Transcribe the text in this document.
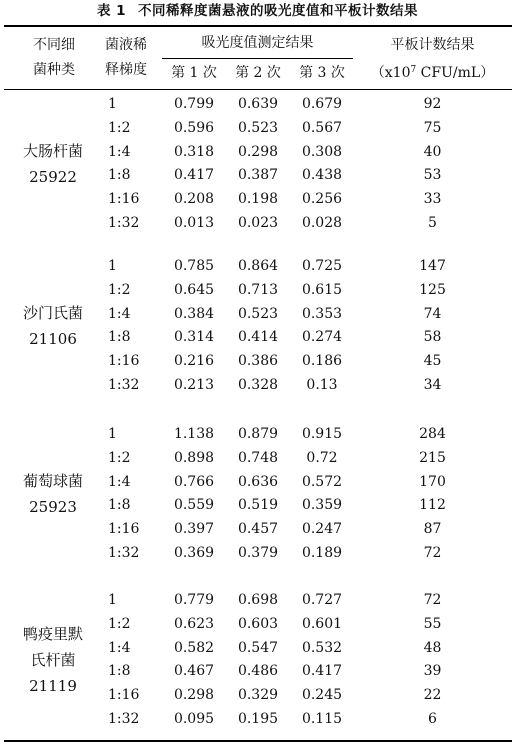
表 1 不同稀释度菌悬液的吸光度值和平板计数结果
不同细
菌种类
菌液稀
释梯度
吸光度值测定结果
第 1 次	第 2 次	第 3 次
平板计数结果
（$x10^7$ CFU/mL）
大肠杆菌
25922
1	0.799	0.639	0.679	92
1:2	0.596	0.523	0.567	75
1:4	0.318	0.298	0.308	40
1:8	0.417	0.387	0.438	53
1:16	0.208	0.198	0.256	33
1:32	0.013	0.023	0.028	5
沙门氏菌
21106
1	0.785	0.864	0.725	147
1:2	0.645	0.713	0.615	125
1:4	0.384	0.523	0.353	74
1:8	0.314	0.414	0.274	58
1:16	0.216	0.386	0.186	45
1:32	0.213	0.328	0.13	34
葡萄球菌
25923
1	1.138	0.879	0.915	284
1:2	0.898	0.748	0.72	215
1:4	0.766	0.636	0.572	170
1:8	0.559	0.519	0.359	112
1:16	0.397	0.457	0.247	87
1:32	0.369	0.379	0.189	72
鸭疫里默
氏杆菌
21119
1	0.779	0.698	0.727	72
1:2	0.623	0.603	0.601	55
1:4	0.582	0.547	0.532	48
1:8	0.467	0.486	0.417	39
1:16	0.298	0.329	0.245	22
1:32	0.095	0.195	0.115	6
